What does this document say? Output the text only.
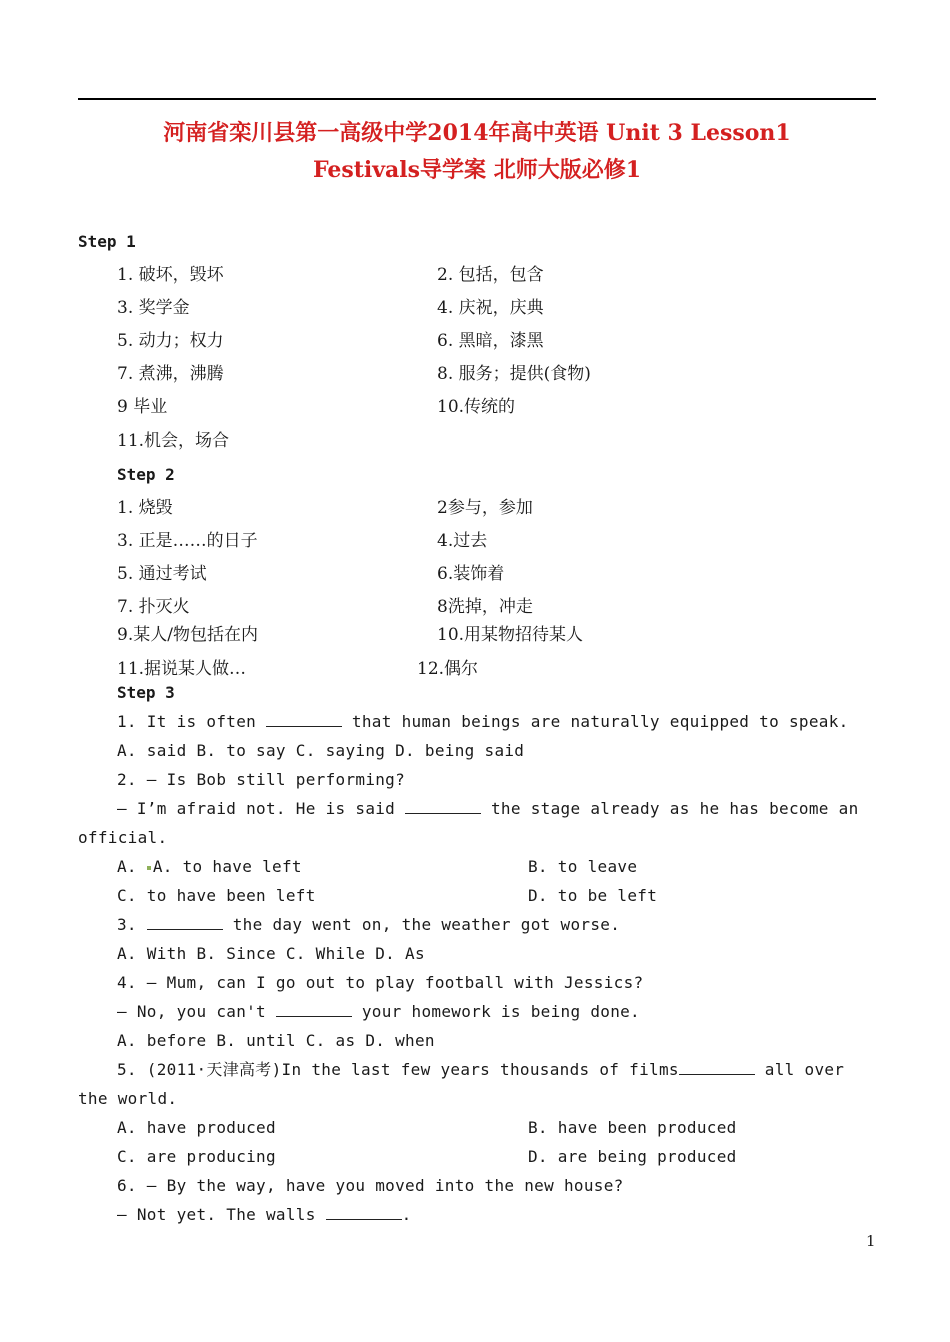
河南省栾川县第一高级中学2014年高中英语 Unit 3 Lesson1
Festivals导学案 北师大版必修1
Step 1
1. 破坏，毁坏	2. 包括，包含
3. 奖学金	4. 庆祝，庆典
5. 动力；权力	6. 黑暗，漆黑
7. 煮沸，沸腾	8. 服务；提供(食物)
9 毕业	10.传统的
11.机会，场合
Step 2
1. 烧毁	2参与，参加
3. 正是……的日子	4.过去
5. 通过考试	6.装饰着
7. 扑灭火	8洗掉，冲走
9.某人/物包括在内	10.用某物招待某人
11.据说某人做…	12.偶尔
Step 3
1. It is often	that human beings are naturally equipped to speak.
A. said B. to say C. saying D. being said
2. — Is Bob still performing?
— I’m afraid not. He is said	the stage already as he has become an
official.
A. A. to have left	B. to leave
C. to have been left	D. to be left
3.	the day went on, the weather got worse.
A. With B. Since C. While D. As
4. — Mum, can I go out to play football with Jessics?
— No, you can't	your homework is being done.
A. before B. until C. as D. when
5. (2011·天津高考)In the last few years thousands of films	all over
the world.
A. have produced	B. have been produced
C. are producing	D. are being produced
6. — By the way, have you moved into the new house?
— Not yet. The walls	.
1
